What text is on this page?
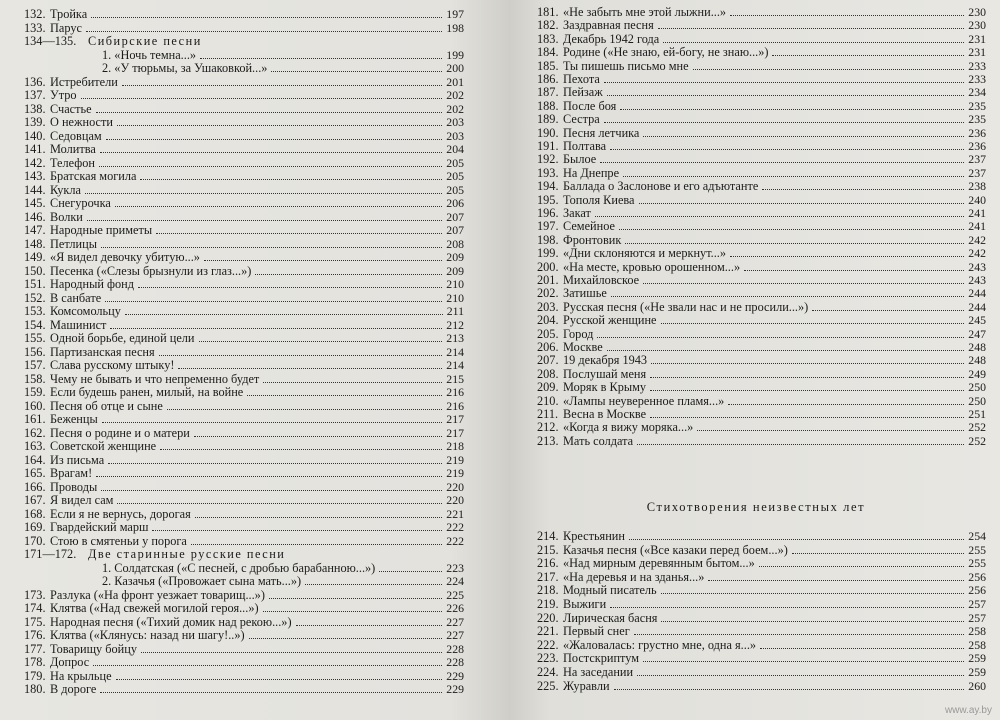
132. Тройка	197
133. Парус	198
134—135. Сибирские песни
1. «Ночь темна...»	199
2. «У тюрьмы, за Ушаковкой...»	200
136. Истребители	201
137. Утро	202
138. Счастье	202
139. О нежности	203
140. Седовцам	203
141. Молитва	204
142. Телефон	205
143. Братская могила	205
144. Кукла	205
145. Снегурочка	206
146. Волки	207
147. Народные приметы	207
148. Петлицы	208
149. «Я видел девочку убитую...»	209
150. Песенка («Слезы брызнули из глаз...»)	209
151. Народный фонд	210
152. В санбате	210
153. Комсомольцу	211
154. Машинист	212
155. Одной борьбе, единой цели	213
156. Партизанская песня	214
157. Слава русскому штыку!	214
158. Чему не бывать и что непременно будет	215
159. Если будешь ранен, милый, на войне	216
160. Песня об отце и сыне	216
161. Беженцы	217
162. Песня о родине и о матери	217
163. Советской женщине	218
164. Из письма	219
165. Врагам!	219
166. Проводы	220
167. Я видел сам	220
168. Если я не вернусь, дорогая	221
169. Гвардейский марш	222
170. Стою в смятеньи у порога	222
171—172. Две старинные русские песни
1. Солдатская («С песней, с дробью барабанною...»)	223
2. Казачья («Провожает сына мать...»)	224
173. Разлука («На фронт уезжает товарищ...»)	225
174. Клятва («Над свежей могилой героя...»)	226
175. Народная песня («Тихий домик над рекою...»)	227
176. Клятва («Клянусь: назад ни шагу!..»)	227
177. Товарищу бойцу	228
178. Допрос	228
179. На крыльце	229
180. В дороге	229
Стихотворения неизвестных лет
181. «Не забыть мне этой лыжни...»	230
182. Заздравная песня	230
183. Декабрь 1942 года	231
184. Родине («Не знаю, ей-богу, не знаю...»)	231
185. Ты пишешь письмо мне	233
186. Пехота	233
187. Пейзаж	234
188. После боя	235
189. Сестра	235
190. Песня летчика	236
191. Полтава	236
192. Былое	237
193. На Днепре	237
194. Баллада о Заслонове и его адъютанте	238
195. Тополя Киева	240
196. Закат	241
197. Семейное	241
198. Фронтовик	242
199. «Дни склоняются и меркнут...»	242
200. «На месте, кровью орошенном...»	243
201. Михайловское	243
202. Затишье	244
203. Русская песня («Не звали нас и не просили...»)	244
204. Русской женщине	245
205. Город	247
206. Москве	248
207. 19 декабря 1943	248
208. Послушай меня	249
209. Моряк в Крыму	250
210. «Лампы неуверенное пламя...»	250
211. Весна в Москве	251
212. «Когда я вижу моряка...»	252
213. Мать солдата	252
214. Крестьянин	254
215. Казачья песня («Все казаки перед боем...»)	255
216. «Над мирным деревянным бытом...»	255
217. «На деревья и на зданья...»	256
218. Модный писатель	256
219. Выжиги	257
220. Лирическая басня	257
221. Первый снег	258
222. «Жаловалась: грустно мне, одна я...»	258
223. Постскриптум	259
224. На заседании	259
225. Журавли	260
www.ay.by
